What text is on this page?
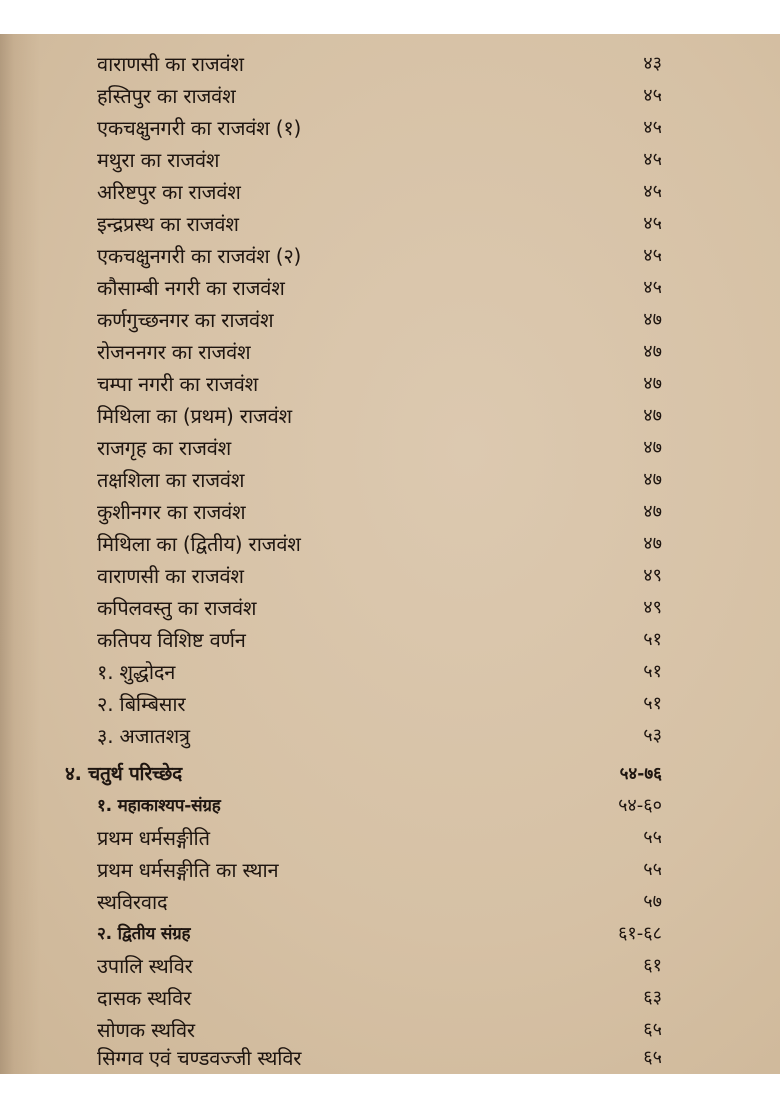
वाराणसी का राजवंश	४३
हस्तिपुर का राजवंश	४५
एकचक्षुनगरी का राजवंश (१)	४५
मथुरा का राजवंश	४५
अरिष्टपुर का राजवंश	४५
इन्द्रप्रस्थ का राजवंश	४५
एकचक्षुनगरी का राजवंश (२)	४५
कौसाम्बी नगरी का राजवंश	४५
कर्णगुच्छनगर का राजवंश	४७
रोजननगर का राजवंश	४७
चम्पा नगरी का राजवंश	४७
मिथिला का (प्रथम) राजवंश	४७
राजगृह का राजवंश	४७
तक्षशिला का राजवंश	४७
कुशीनगर का राजवंश	४७
मिथिला का (द्वितीय) राजवंश	४७
वाराणसी का राजवंश	४९
कपिलवस्तु का राजवंश	४९
कतिपय विशिष्ट वर्णन	५१
१. शुद्धोदन	५१
२. बिम्बिसार	५१
३. अजातशत्रु	५३
४. चतुर्थ परिच्छेद	५४-७६
१. महाकाश्यप-संग्रह	५४-६०
प्रथम धर्मसङ्गीति	५५
प्रथम धर्मसङ्गीति का स्थान	५५
स्थविरवाद	५७
२. द्वितीय संग्रह	६१-६८
उपालि स्थविर	६१
दासक स्थविर	६३
सोणक स्थविर	६५
सिग्गव एवं चण्डवज्जी स्थविर	६५
